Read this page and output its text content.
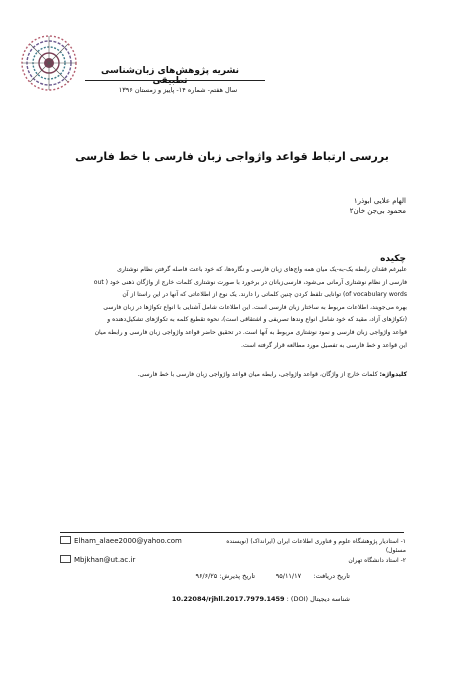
نشریه پژوهش‌های زبان‌شناسی تطبیقی
سال هفتم- شماره ۱۴- پاییز و زمستان ۱۳۹۶
بررسی ارتباط قواعد واژواجی زبان فارسی با خط فارسی
الهام علایی ابوذر۱
محمود بی‌جن خان۲
چکیده
علیرغم فقدان رابطه یک-به-یک میان همه واج‌های زبان فارسی و نگاره‌ها، که خود باعث فاصله گرفتن نظام نوشتاری
فارسی از نظام نوشتاری آرمانی می‌شود، فارسی‌زبانان در برخورد با صورت نوشتاری کلمات خارج از واژگان ذهنی خود ( out
of vocabulary words) توانایی تلفظ کردن چنین کلماتی را دارند. یک نوع از اطلاعاتی که آنها در این راستا از آن
بهره می‌جویند، اطلاعات مربوط به ساختار زبان فارسی است. این اطلاعات شامل آشنایی با انواع تکواژها در زبان فارسی
(تکواژهای آزاد، مقید که خود شامل انواع وندها تصریفی و اشتقاقی است)، نحوه تقطیع کلمه به تکواژهای تشکیل‌دهنده و
قواعد واژواجی زبان فارسی و نمود نوشتاری مربوط به آنها است. در تحقیق حاضر قواعد واژواجی زبان فارسی و رابطه میان
این قواعد و خط فارسی به تفصیل مورد مطالعه قرار گرفته است.
کلیدواژه: کلمات خارج از واژگان، قواعد واژواجی، رابطه میان قواعد واژواجی زبان فارسی با خط فارسی.
Elham_alaee2000@yahoo.com
Mbjkhan@ut.ac.ir
۱- استادیار پژوهشگاه علوم و فناوری اطلاعات ایران (ایرانداک) (نویسنده مسئول)
۲- استاد دانشگاه تهران
تاریخ دریافت:      ۹۵/۱۱/۱۷          تاریخ پذیرش: ۹۶/۶/۲۵
شناسه دیجیتال (DOI) : 10.22084/rjhll.2017.7979.1459
